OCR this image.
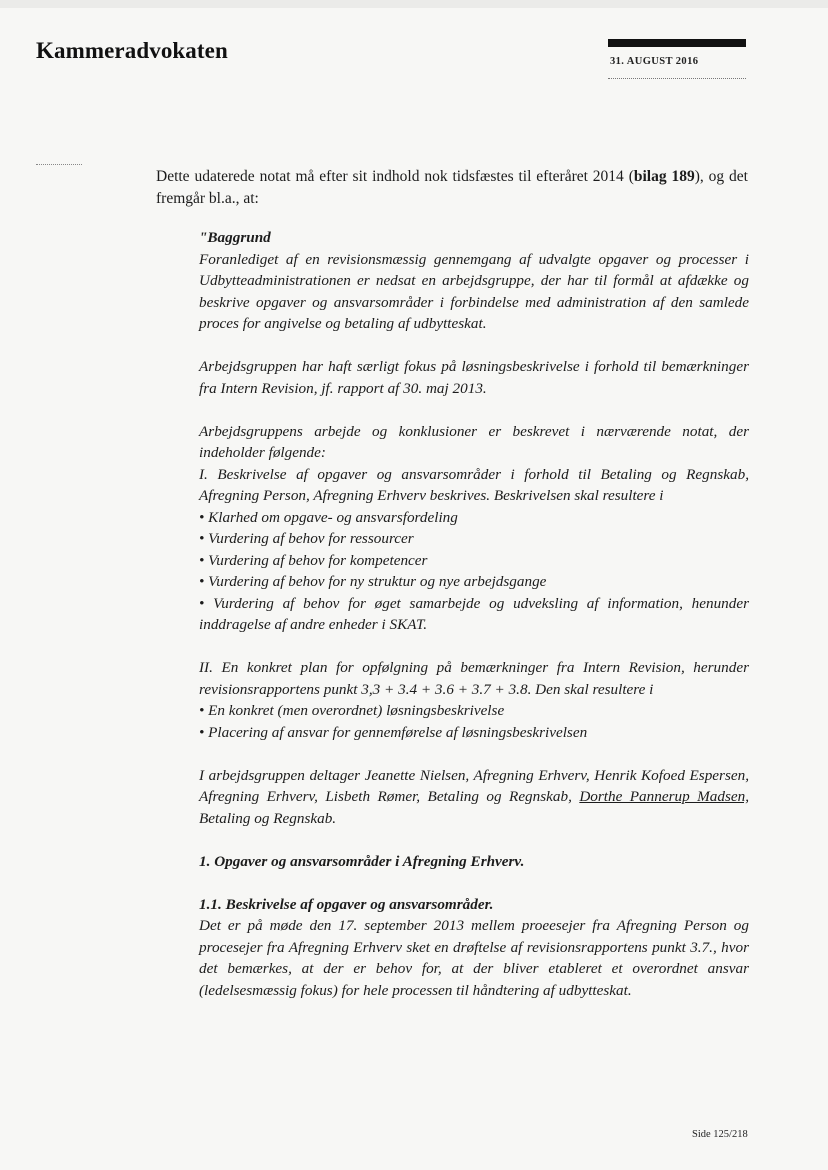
Kammeradvokaten	31. AUGUST 2016

Dette udaterede notat må efter sit indhold nok tidsfæstes til efteråret 2014 (bilag 189), og det fremgår bl.a., at:

"Baggrund

Foranlediget af en revisionsmæssig gennemgang af udvalgte opgaver og processer i Udbytteadministrationen er nedsat en arbejdsgruppe, der har til formål at afdække og beskrive opgaver og ansvarsområder i forbindelse med administration af den samlede proces for angivelse og betaling af udbytteskat.

Arbejdsgruppen har haft særligt fokus på løsningsbeskrivelse i forhold til bemærkninger fra Intern Revision, jf. rapport af 30. maj 2013.

Arbejdsgruppens arbejde og konklusioner er beskrevet i nærværende notat, der indeholder følgende:

I. Beskrivelse af opgaver og ansvarsområder i forhold til Betaling og Regnskab, Afregning Person, Afregning Erhverv beskrives. Beskrivelsen skal resultere i

• Klarhed om opgave- og ansvarsfordeling

• Vurdering af behov for ressourcer

• Vurdering af behov for kompetencer

• Vurdering af behov for ny struktur og nye arbejdsgange

• Vurdering af behov for øget samarbejde og udveksling af information, henunder inddragelse af andre enheder i SKAT.

II. En konkret plan for opfølgning på bemærkninger fra Intern Revision, herunder revisionsrapportens punkt 3,3 + 3.4 + 3.6 + 3.7 + 3.8. Den skal resultere i

• En konkret (men overordnet) løsningsbeskrivelse

• Placering af ansvar for gennemførelse af løsningsbeskrivelsen

I arbejdsgruppen deltager Jeanette Nielsen, Afregning Erhverv, Henrik Kofoed Espersen, Afregning Erhverv, Lisbeth Rømer, Betaling og Regnskab, Dorthe Pannerup Madsen, Betaling og Regnskab.

1. Opgaver og ansvarsområder i Afregning Erhverv.

1.1. Beskrivelse af opgaver og ansvarsområder.

Det er på møde den 17. september 2013 mellem proeesejer fra Afregning Person og procesejer fra Afregning Erhverv sket en drøftelse af revisionsrapportens punkt 3.7., hvor det bemærkes, at der er behov for, at der bliver etableret et overordnet ansvar (ledelsesmæssig fokus) for hele processen til håndtering af udbytteskat.

Side 125/218
